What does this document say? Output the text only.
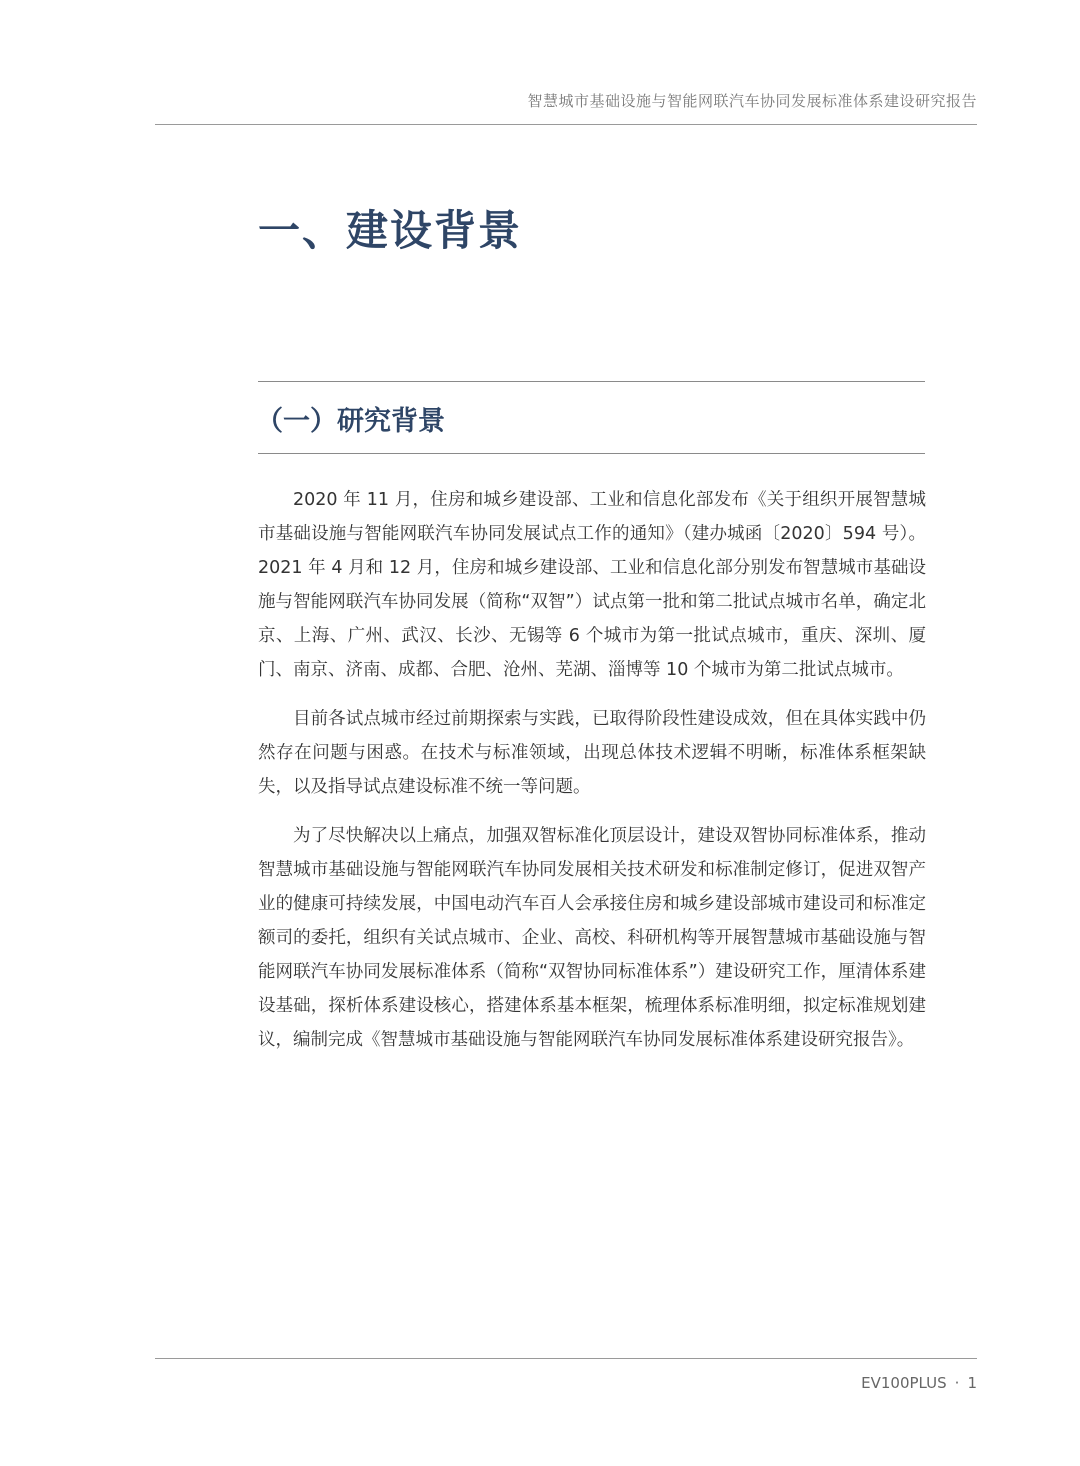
智慧城市基础设施与智能网联汽车协同发展标准体系建设研究报告
一、建设背景
（一）研究背景

2020 年 11 月，住房和城乡建设部、工业和信息化部发布《关于组织开展智慧城市基础设施与智能网联汽车协同发展试点工作的通知》（建办城函〔2020〕594 号）。2021 年 4 月和 12 月，住房和城乡建设部、工业和信息化部分别发布智慧城市基础设施与智能网联汽车协同发展（简称“双智”）试点第一批和第二批试点城市名单，确定北京、上海、广州、武汉、长沙、无锡等 6 个城市为第一批试点城市，重庆、深圳、厦门、南京、济南、成都、合肥、沧州、芜湖、淄博等 10 个城市为第二批试点城市。

目前各试点城市经过前期探索与实践，已取得阶段性建设成效，但在具体实践中仍然存在问题与困惑。在技术与标准领域，出现总体技术逻辑不明晰，标准体系框架缺失，以及指导试点建设标准不统一等问题。

为了尽快解决以上痛点，加强双智标准化顶层设计，建设双智协同标准体系，推动智慧城市基础设施与智能网联汽车协同发展相关技术研发和标准制定修订，促进双智产业的健康可持续发展，中国电动汽车百人会承接住房和城乡建设部城市建设司和标准定额司的委托，组织有关试点城市、企业、高校、科研机构等开展智慧城市基础设施与智能网联汽车协同发展标准体系（简称“双智协同标准体系”）建设研究工作，厘清体系建设基础，探析体系建设核心，搭建体系基本框架，梳理体系标准明细，拟定标准规划建议，编制完成《智慧城市基础设施与智能网联汽车协同发展标准体系建设研究报告》。

EV100PLUS · 1
